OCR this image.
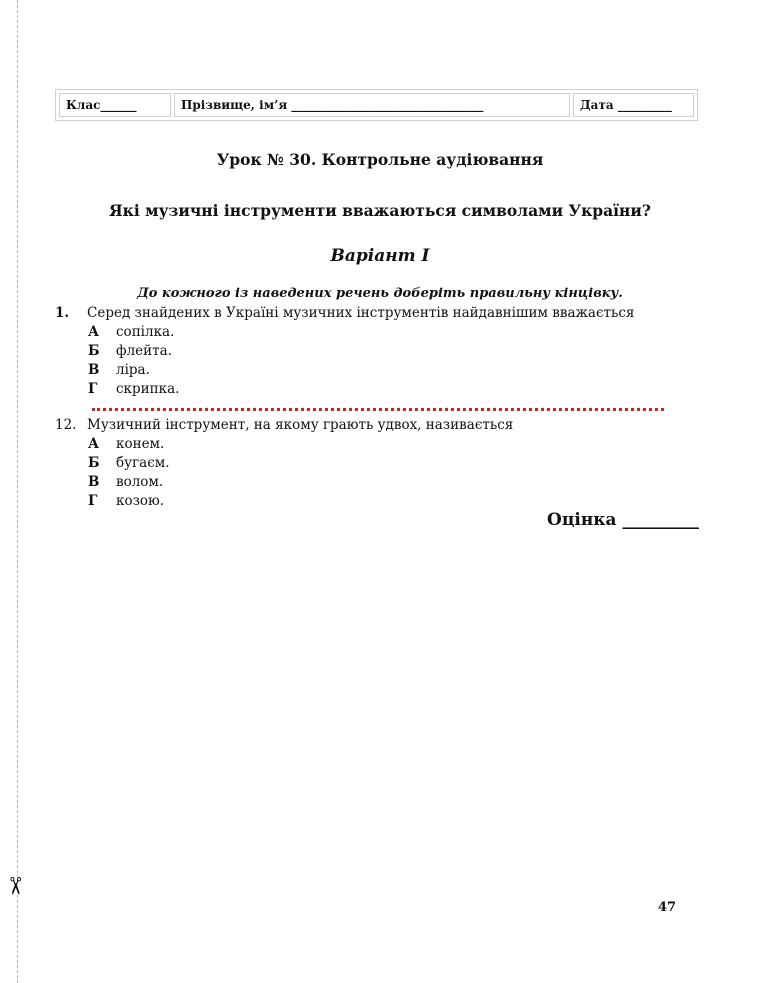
✂
Клас______	Прізвище, ім’я ________________________________	Дата _________
Урок № 30. Контрольне аудіювання
Які музичні інструменти вважаються символами України?
Варіант І
До кожного із наведених речень доберіть правильну кінцівку.
1. Серед знайдених в Україні музичних інструментів найдавнішим вважається
А сопілка.
Б флейта.
В ліра.
Г скрипка.
12. Музичний інструмент, на якому грають удвох, називається
А конем.
Б бугаєм.
В волом.
Г козою.
Оцінка _________
47
